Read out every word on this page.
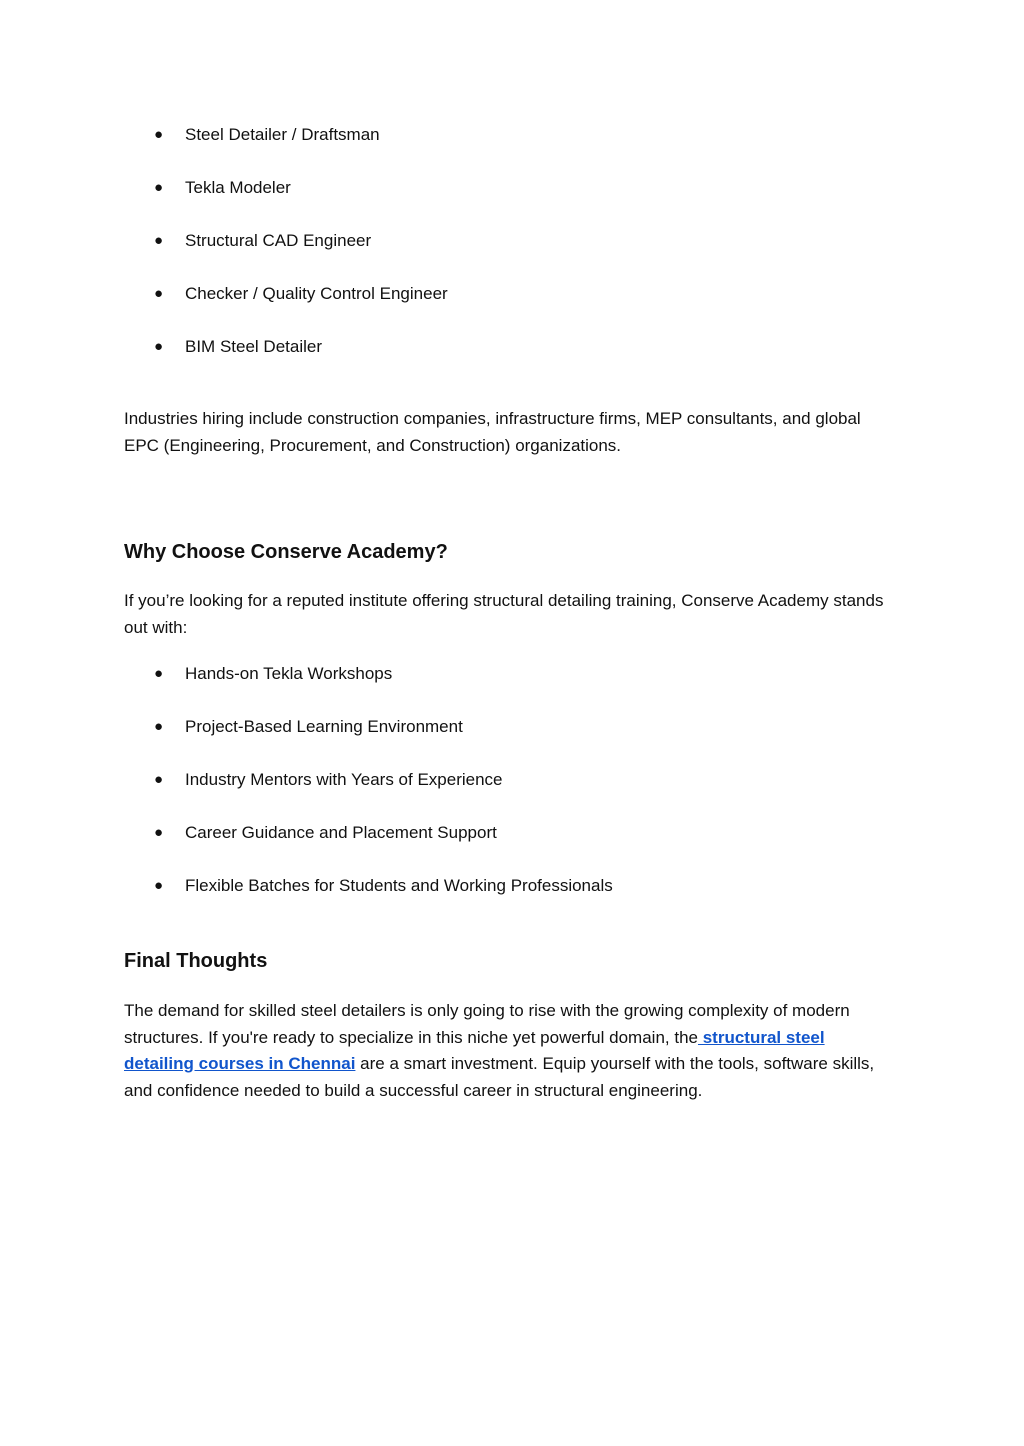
● Steel Detailer / Draftsman
● Tekla Modeler
● Structural CAD Engineer
● Checker / Quality Control Engineer
● BIM Steel Detailer

Industries hiring include construction companies, infrastructure firms, MEP consultants, and global EPC (Engineering, Procurement, and Construction) organizations.

Why Choose Conserve Academy?

If you’re looking for a reputed institute offering structural detailing training, Conserve Academy stands out with:

● Hands-on Tekla Workshops
● Project-Based Learning Environment
● Industry Mentors with Years of Experience
● Career Guidance and Placement Support
● Flexible Batches for Students and Working Professionals
Final Thoughts

The demand for skilled steel detailers is only going to rise with the growing complexity of modern structures. If you're ready to specialize in this niche yet powerful domain, the structural steel detailing courses in Chennai are a smart investment. Equip yourself with the tools, software skills, and confidence needed to build a successful career in structural engineering.
